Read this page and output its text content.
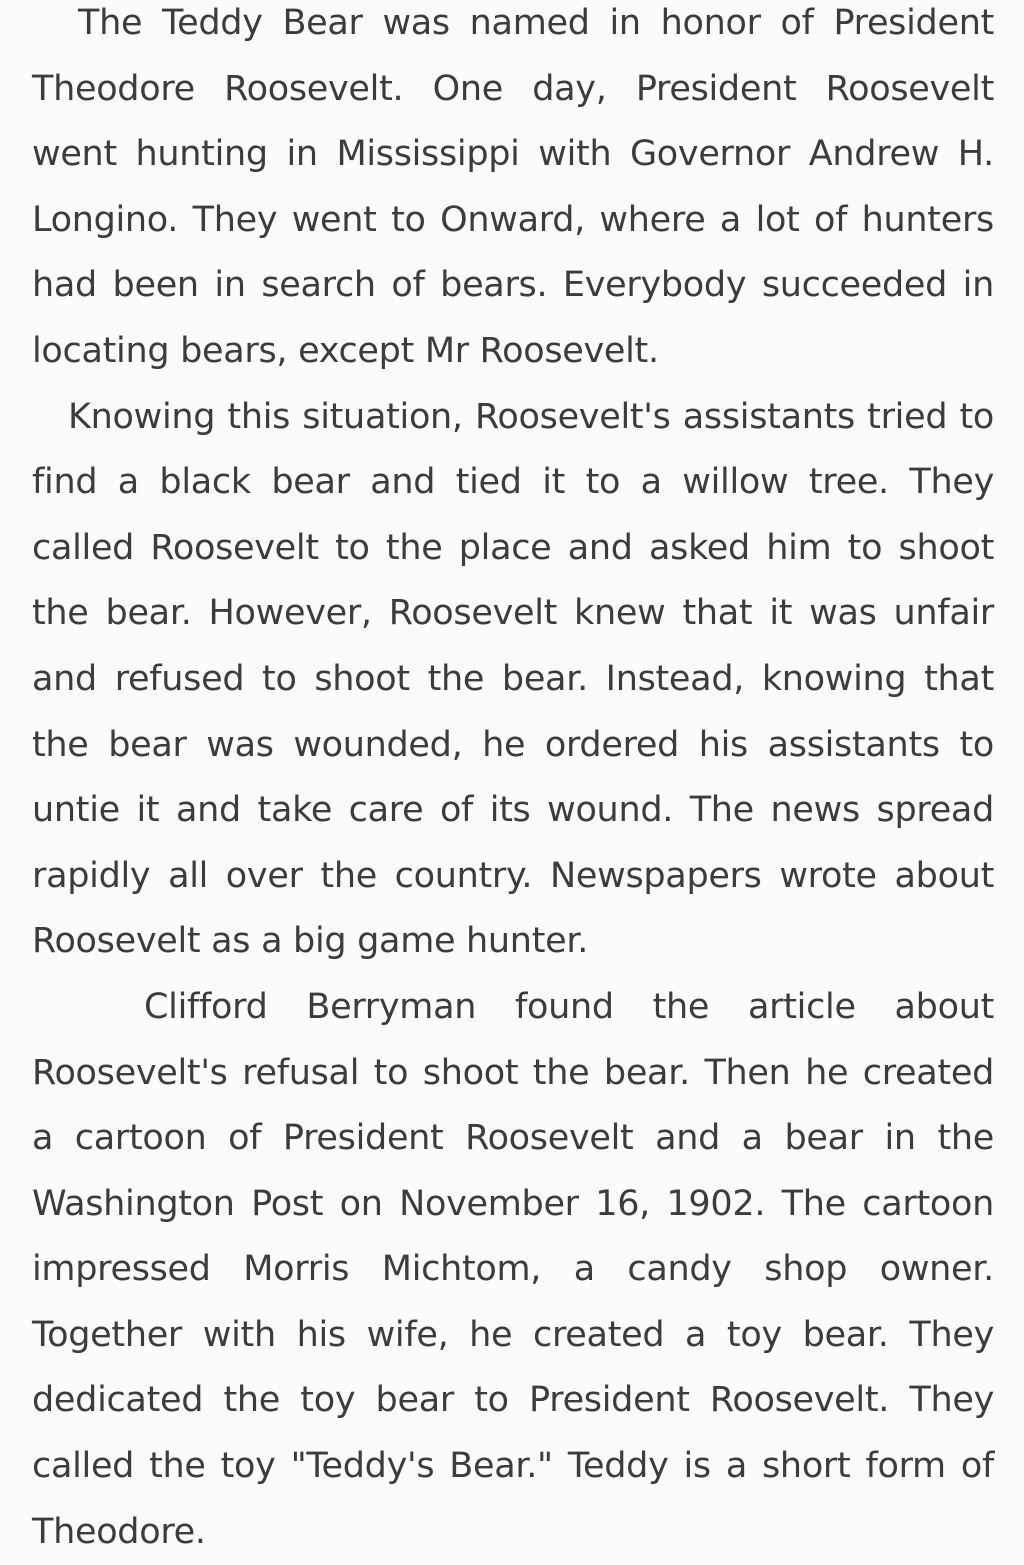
The Teddy Bear was named in honor of President Theodore Roosevelt. One day, President Roosevelt went hunting in Mississippi with Governor Andrew H. Longino. They went to Onward, where a lot of hunters had been in search of bears. Everybody succeeded in locating bears, except Mr Roosevelt.

Knowing this situation, Roosevelt's assistants tried to find a black bear and tied it to a willow tree. They called Roosevelt to the place and asked him to shoot the bear. However, Roosevelt knew that it was unfair and refused to shoot the bear. Instead, knowing that the bear was wounded, he ordered his assistants to untie it and take care of its wound. The news spread rapidly all over the country. Newspapers wrote about Roosevelt as a big game hunter.

Clifford Berryman found the article about Roosevelt's refusal to shoot the bear. Then he created a cartoon of President Roosevelt and a bear in the Washington Post on November 16, 1902. The cartoon impressed Morris Michtom, a candy shop owner. Together with his wife, he created a toy bear. They dedicated the toy bear to President Roosevelt. They called the toy "Teddy's Bear." Teddy is a short form of Theodore.
